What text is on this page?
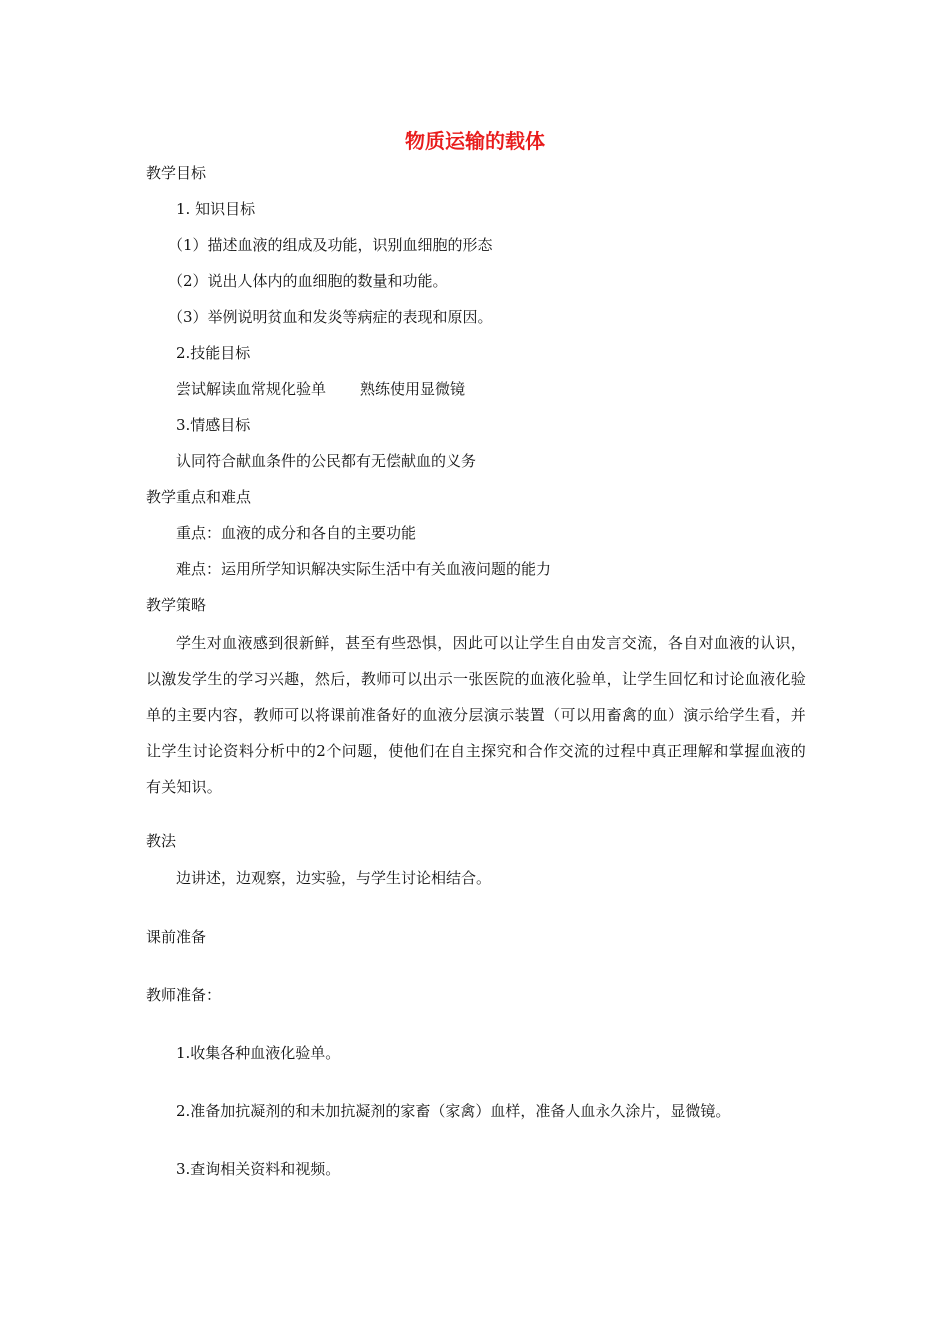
物质运输的载体
教学目标
1. 知识目标
（1）描述血液的组成及功能，识别血细胞的形态
（2）说出人体内的血细胞的数量和功能。
（3）举例说明贫血和发炎等病症的表现和原因。
2.技能目标
尝试解读血常规化验单 熟练使用显微镜
3.情感目标
认同符合献血条件的公民都有无偿献血的义务
教学重点和难点
重点：血液的成分和各自的主要功能
难点：运用所学知识解决实际生活中有关血液问题的能力
教学策略
学生对血液感到很新鲜，甚至有些恐惧，因此可以让学生自由发言交流，各自对血液的认识，以激发学生的学习兴趣，然后，教师可以出示一张医院的血液化验单，让学生回忆和讨论血液化验单的主要内容，教师可以将课前准备好的血液分层演示装置（可以用畜禽的血）演示给学生看，并让学生讨论资料分析中的2个问题，使他们在自主探究和合作交流的过程中真正理解和掌握血液的有关知识。
教法
边讲述，边观察，边实验，与学生讨论相结合。
课前准备
教师准备：
1.收集各种血液化验单。
2.准备加抗凝剂的和未加抗凝剂的家畜（家禽）血样，准备人血永久涂片，显微镜。
3.查询相关资料和视频。
